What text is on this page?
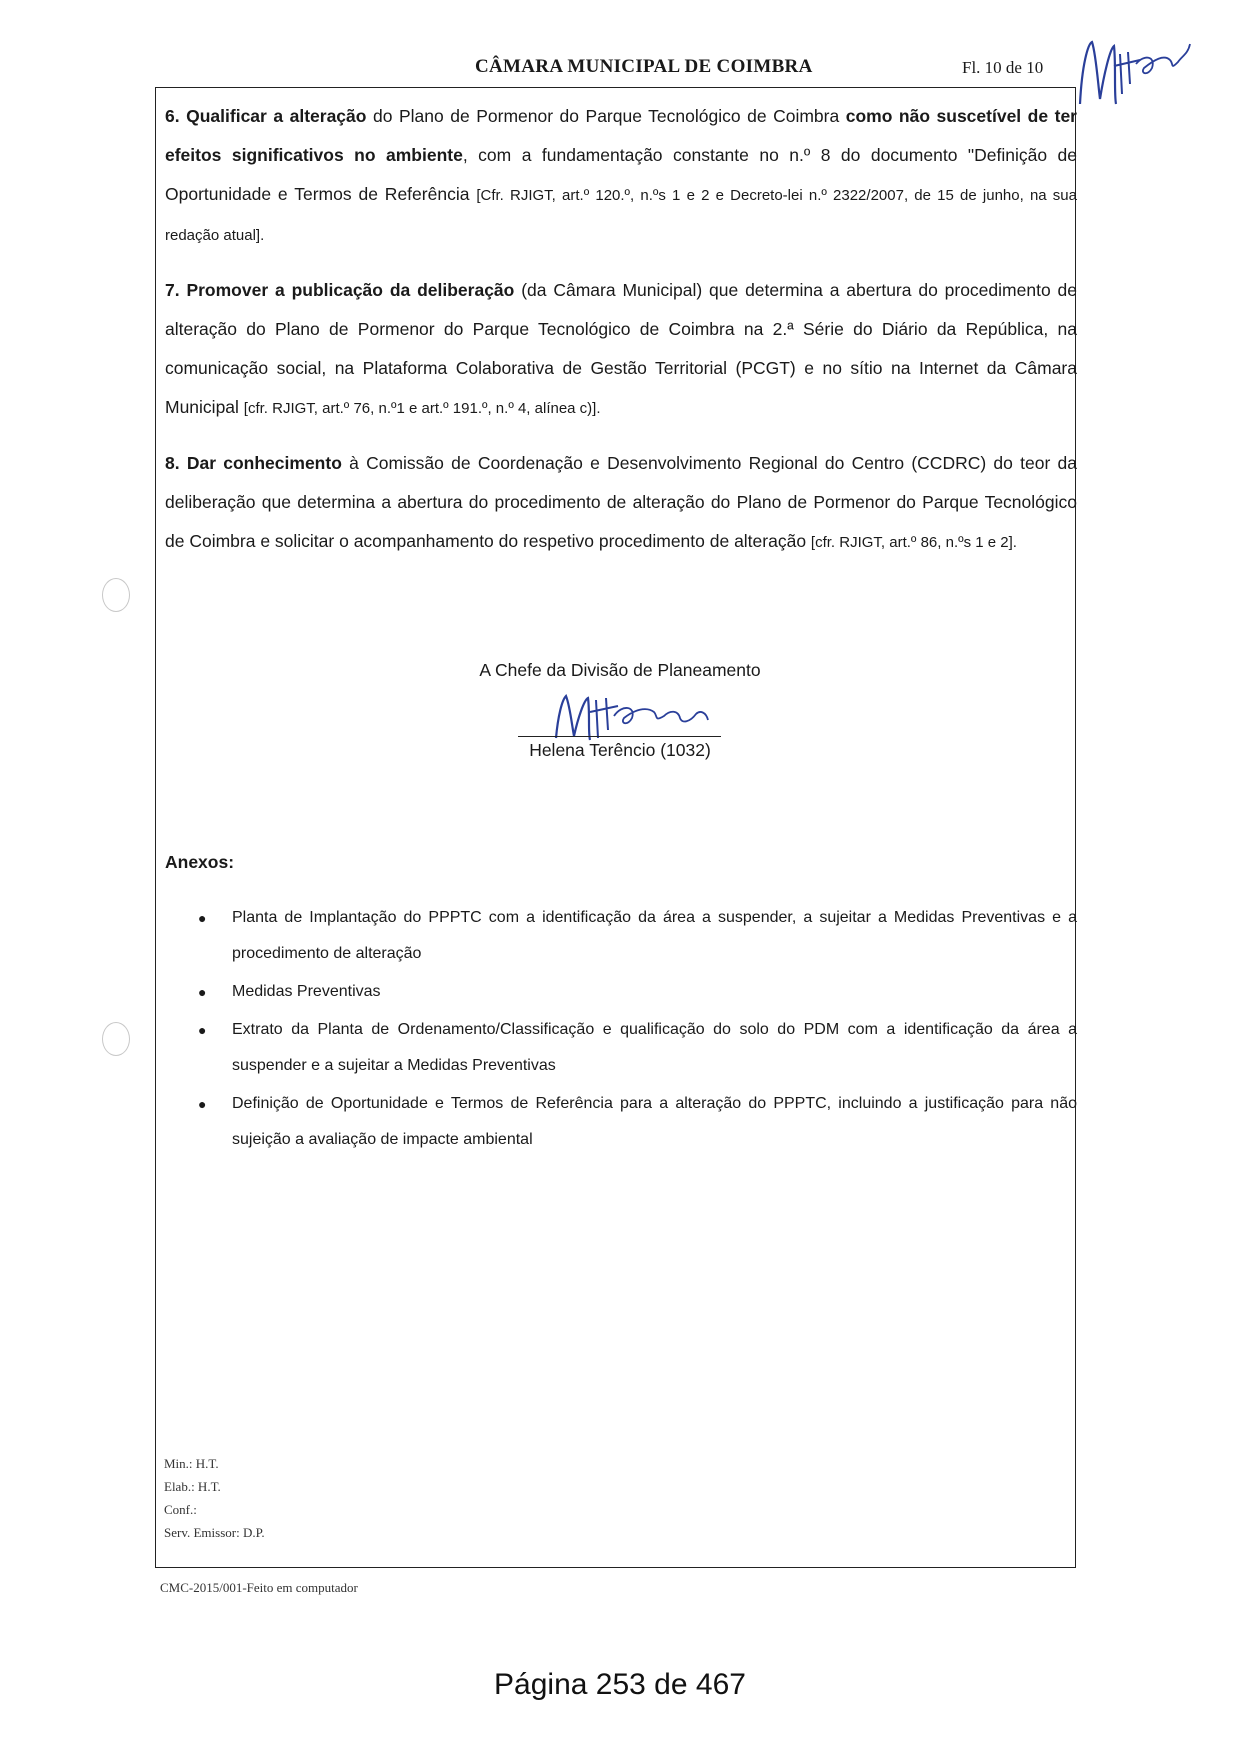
CÂMARA MUNICIPAL DE COIMBRA	Fl. 10 de 10

6. Qualificar a alteração do Plano de Pormenor do Parque Tecnológico de Coimbra como não suscetível de ter efeitos significativos no ambiente, com a fundamentação constante no n.º 8 do documento "Definição de Oportunidade e Termos de Referência [Cfr. RJIGT, art.º 120.º, n.ºs 1 e 2 e Decreto-lei n.º 2322/2007, de 15 de junho, na sua redação atual].

7. Promover a publicação da deliberação (da Câmara Municipal) que determina a abertura do procedimento de alteração do Plano de Pormenor do Parque Tecnológico de Coimbra na 2.ª Série do Diário da República, na comunicação social, na Plataforma Colaborativa de Gestão Territorial (PCGT) e no sítio na Internet da Câmara Municipal [cfr. RJIGT, art.º 76, n.º1 e art.º 191.º, n.º 4, alínea c)].

8. Dar conhecimento à Comissão de Coordenação e Desenvolvimento Regional do Centro (CCDRC) do teor da deliberação que determina a abertura do procedimento de alteração do Plano de Pormenor do Parque Tecnológico de Coimbra e solicitar o acompanhamento do respetivo procedimento de alteração [cfr. RJIGT, art.º 86, n.ºs 1 e 2].

A Chefe da Divisão de Planeamento
Helena Terêncio (1032)
Anexos:
● Planta de Implantação do PPPTC com a identificação da área a suspender, a sujeitar a Medidas Preventivas e a procedimento de alteração
● Medidas Preventivas
● Extrato da Planta de Ordenamento/Classificação e qualificação do solo do PDM com a identificação da área a suspender e a sujeitar a Medidas Preventivas
● Definição de Oportunidade e Termos de Referência para a alteração do PPPTC, incluindo a justificação para não sujeição a avaliação de impacte ambiental
Min.: H.T.
Elab.: H.T.
Conf.:
Serv. Emissor: D.P.
CMC-2015/001-Feito em computador
Página 253 de 467
